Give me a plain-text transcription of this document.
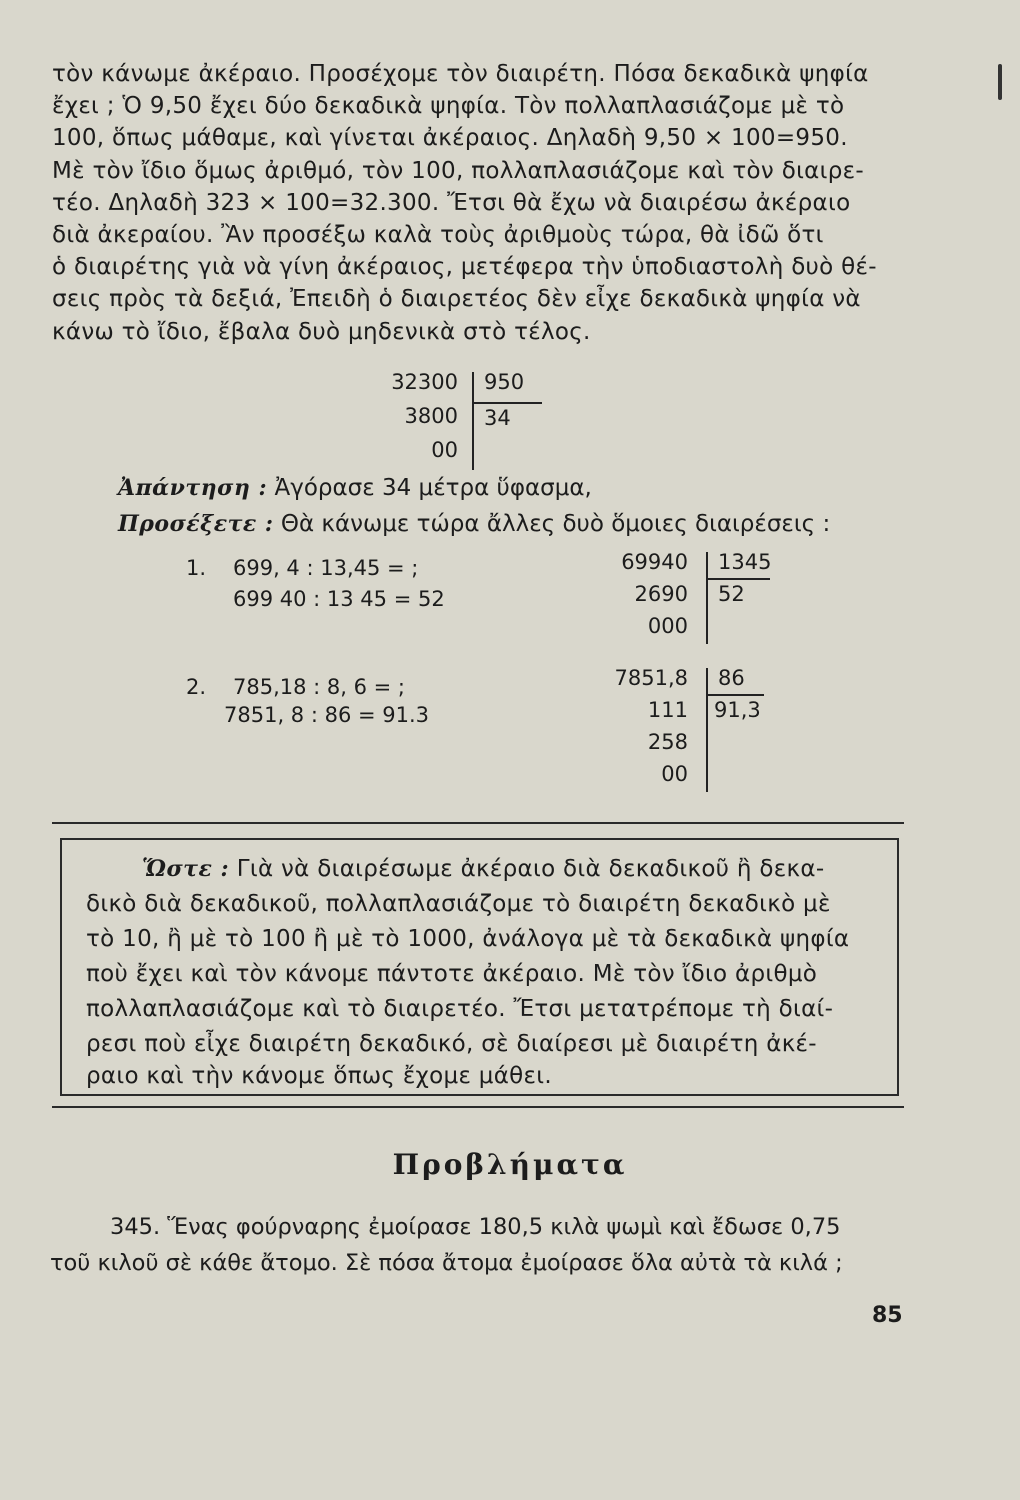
τὸν κάνωμε ἀκέραιο. Προσέχομε τὸν διαιρέτη. Πόσα δεκαδικὰ ψηφία
ἔχει ; Ὁ 9,50 ἔχει δύο δεκαδικὰ ψηφία. Τὸν πολλαπλασιάζομε μὲ τὸ
100, ὅπως μάθαμε, καὶ γίνεται ἀκέραιος. Δηλαδὴ 9,50 × 100=950.
Μὲ τὸν ἴδιο ὅμως ἀριθμό, τὸν 100, πολλαπλασιάζομε καὶ τὸν διαιρε-
τέο. Δηλαδὴ 323 × 100=32.300. Ἔτσι θὰ ἔχω νὰ διαιρέσω ἀκέραιο
διὰ ἀκεραίου. Ἂν προσέξω καλὰ τοὺς ἀριθμοὺς τώρα, θὰ ἰδῶ ὅτι
ὁ διαιρέτης γιὰ νὰ γίνη ἀκέραιος, μετέφερα τὴν ὑποδιαστολὴ δυὸ θέ-
σεις πρὸς τὰ δεξιά, Ἐπειδὴ ὁ διαιρετέος δὲν εἶχε δεκαδικὰ ψηφία νὰ
κάνω τὸ ἴδιο, ἔβαλα δυὸ μηδενικὰ στὸ τέλος.
32300
3800
00
950
34
Ἀπάντηση : Ἀγόρασε 34 μέτρα ὕφασμα,
Προσέξετε : Θὰ κάνωμε τώρα ἄλλες δυὸ ὅμοιες διαιρέσεις :
1. 699, 4 : 13,45 = ;
699 40 : 13 45 = 52
69940
2690
000
1345
52
2. 785,18 : 8, 6 = ;
7851, 8 : 86 = 91.3
7851,8
111
258
00
86
91,3
Ὥστε : Γιὰ νὰ διαιρέσωμε ἀκέραιο διὰ δεκαδικοῦ ἢ δεκα-
δικὸ διὰ δεκαδικοῦ, πολλαπλασιάζομε τὸ διαιρέτη δεκαδικὸ μὲ
τὸ 10, ἢ μὲ τὸ 100 ἢ μὲ τὸ 1000, ἀνάλογα μὲ τὰ δεκαδικὰ ψηφία
ποὺ ἔχει καὶ τὸν κάνομε πάντοτε ἀκέραιο. Μὲ τὸν ἴδιο ἀριθμὸ
πολλαπλασιάζομε καὶ τὸ διαιρετέο. Ἔτσι μετατρέπομε τὴ διαί-
ρεσι ποὺ εἶχε διαιρέτη δεκαδικό, σὲ διαίρεσι μὲ διαιρέτη ἀκέ-
ραιο καὶ τὴν κάνομε ὅπως ἔχομε μάθει.
Προβλήματα
345. Ἕνας φούρναρης ἐμοίρασε 180,5 κιλὰ ψωμὶ καὶ ἔδωσε 0,75
τοῦ κιλοῦ σὲ κάθε ἄτομο. Σὲ πόσα ἄτομα ἐμοίρασε ὅλα αὐτὰ τὰ κιλά ;
85
